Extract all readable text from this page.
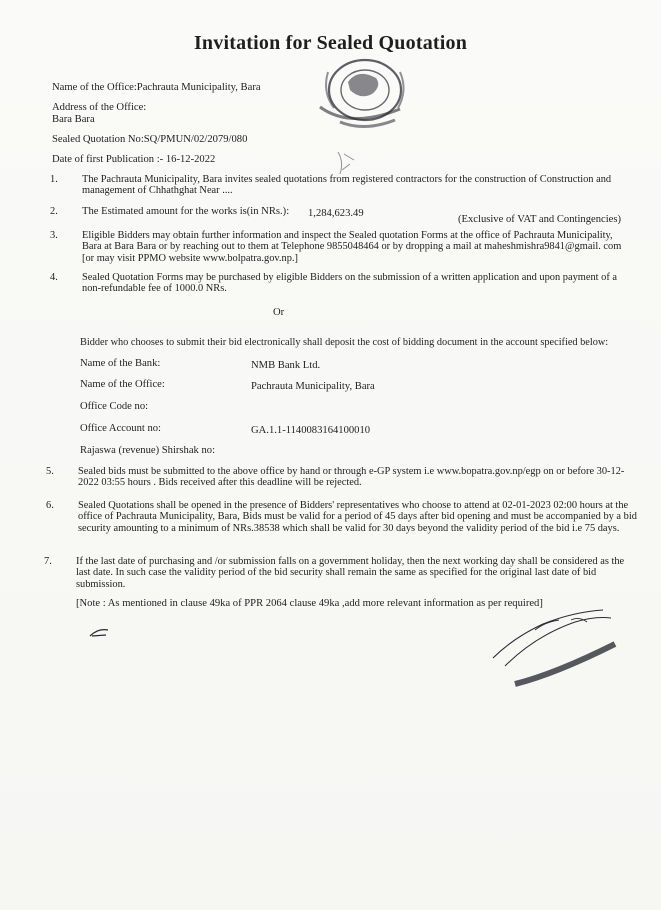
Invitation for Sealed Quotation
Name of the Office:Pachrauta Municipality, Bara
Address of the Office:
Bara Bara
Sealed Quotation No:SQ/PMUN/02/2079/080
Date of first Publication :- 16-12-2022
1. The Pachrauta Municipality, Bara invites sealed quotations from registered contractors for the construction of Construction and management of Chhathghat Near ....
2. The Estimated amount for the works is(in NRs.): 1,284,623.49
(Exclusive of VAT and Contingencies)
3. Eligible Bidders may obtain further information and inspect the Sealed quotation Forms at the office of Pachrauta Municipality, Bara at Bara Bara or by reaching out to them at Telephone 9855048464 or by dropping a mail at maheshmishra9841@gmail. com [or may visit PPMO website www.bolpatra.gov.np.]
4. Sealed Quotation Forms may be purchased by eligible Bidders on the submission of a written application and upon payment of a non-refundable fee of 1000.0 NRs.
Or
Bidder who chooses to submit their bid electronically shall deposit the cost of bidding document in the account specified below:
Name of the Bank:	NMB Bank Ltd.
Name of the Office:	Pachrauta Municipality, Bara
Office Code no:
Office Account no:	GA.1.1-1140083164100010
Rajaswa (revenue) Shirshak no:
5. Sealed bids must be submitted to the above office by hand or through e-GP system i.e www.bopatra.gov.np/egp on or before 30-12-2022 03:55 hours . Bids received after this deadline will be rejected.
6. Sealed Quotations shall be opened in the presence of Bidders' representatives who choose to attend at 02-01-2023 02:00 hours at the office of Pachrauta Municipality, Bara, Bids must be valid for a period of 45 days after bid opening and must be accompanied by a bid security amounting to a minimum of NRs.38538 which shall be valid for 30 days beyond the validity period of the bid i.e 75 days.
7. If the last date of purchasing and /or submission falls on a government holiday, then the next working day shall be considered as the last date. In such case the validity period of the bid security shall remain the same as specified for the original last date of bid submission.
[Note : As mentioned in clause 49ka of PPR 2064 clause 49ka ,add more relevant information as per required]
